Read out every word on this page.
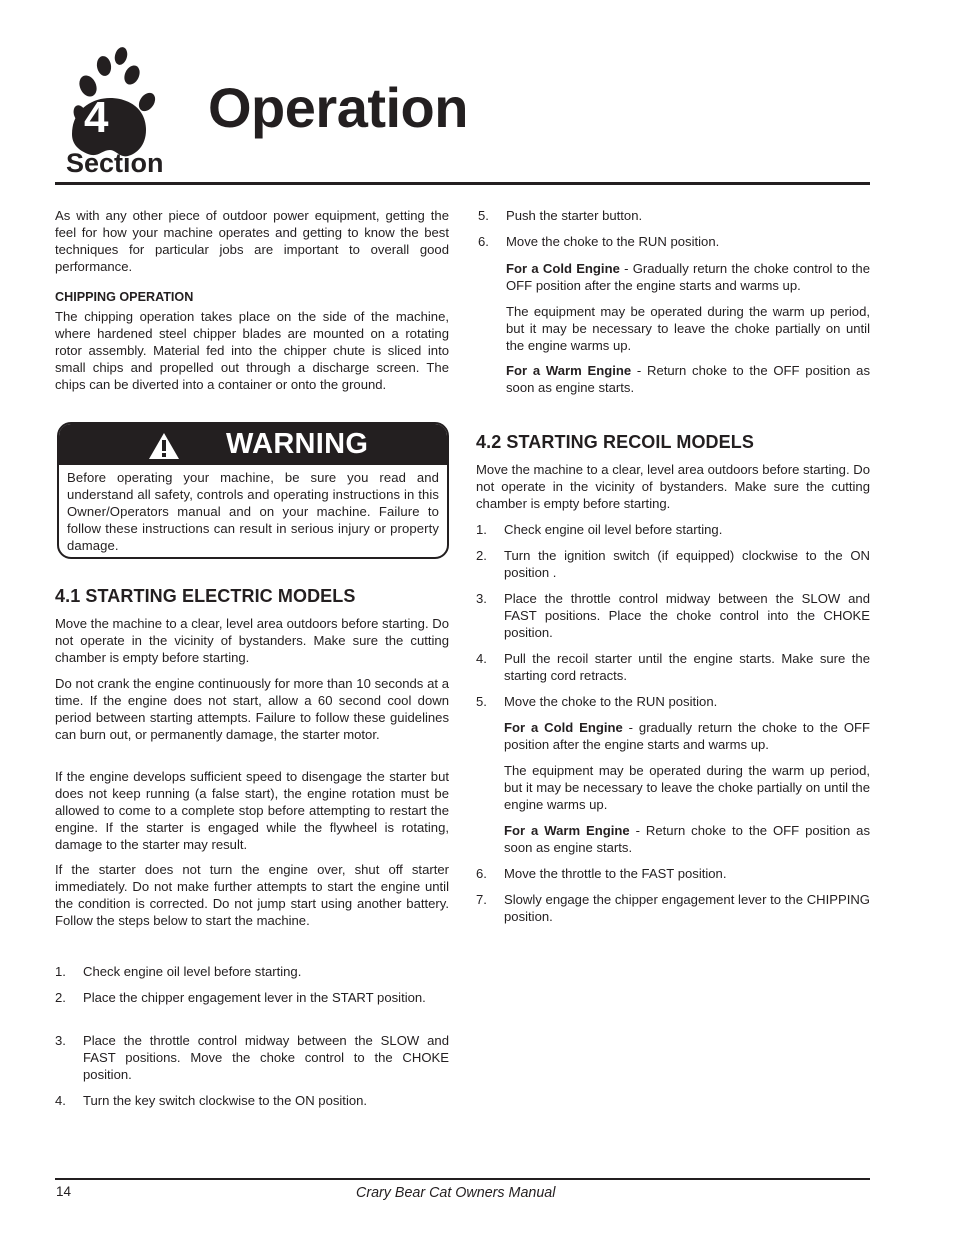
4 Operation
Section

As with any other piece of outdoor power equipment, getting the feel for how your machine operates and getting to know the best techniques for particular jobs are important to overall good performance.

CHIPPING OPERATION

The chipping operation takes place on the side of the machine, where hardened steel chipper blades are mounted on a rotating rotor assembly. Material fed into the chipper chute is sliced into small chips and propelled out through a discharge screen. The chips can be diverted into a container or onto the ground.

WARNING
Before operating your machine, be sure you read and understand all safety, controls and operating instructions in this Owner/Operators manual and on your machine. Failure to follow these instructions can result in serious injury or property damage.
4.1 STARTING ELECTRIC MODELS

Move the machine to a clear, level area outdoors before starting. Do not operate in the vicinity of bystanders. Make sure the cutting chamber is empty before starting.

Do not crank the engine continuously for more than 10 seconds at a time. If the engine does not start, allow a 60 second cool down period between starting attempts. Failure to follow these guidelines can burn out, or permanently damage, the starter motor.

If the engine develops sufficient speed to disengage the starter but does not keep running (a false start), the engine rotation must be allowed to come to a complete stop before attempting to restart the engine. If the starter is engaged while the flywheel is rotating, damage to the starter may result.

If the starter does not turn the engine over, shut off starter immediately. Do not make further attempts to start the engine until the condition is corrected. Do not jump start using another battery. Follow the steps below to start the machine.

1. Check engine oil level before starting.
2. Place the chipper engagement lever in the START position.
3. Place the throttle control midway between the SLOW and FAST positions. Move the choke control to the CHOKE position.
4. Turn the key switch clockwise to the ON position.
5. Push the starter button.
6. Move the choke to the RUN position.

For a Cold Engine - Gradually return the choke control to the OFF position after the engine starts and warms up.

The equipment may be operated during the warm up period, but it may be necessary to leave the choke partially on until the engine warms up.

For a Warm Engine - Return choke to the OFF position as soon as engine starts.

4.2 STARTING RECOIL MODELS

Move the machine to a clear, level area outdoors before starting. Do not operate in the vicinity of bystanders. Make sure the cutting chamber is empty before starting.

1. Check engine oil level before starting.
2. Turn the ignition switch (if equipped) clockwise to the ON position .
3. Place the throttle control midway between the SLOW and FAST positions. Place the choke control into the CHOKE position.
4. Pull the recoil starter until the engine starts. Make sure the starting cord retracts.
5. Move the choke to the RUN position.

For a Cold Engine - gradually return the choke to the OFF position after the engine starts and warms up.

The equipment may be operated during the warm up period, but it may be necessary to leave the choke partially on until the engine warms up.

For a Warm Engine - Return choke to the OFF position as soon as engine starts.

6. Move the throttle to the FAST position.
7. Slowly engage the chipper engagement lever to the CHIPPING position.
14	Crary Bear Cat Owners Manual
